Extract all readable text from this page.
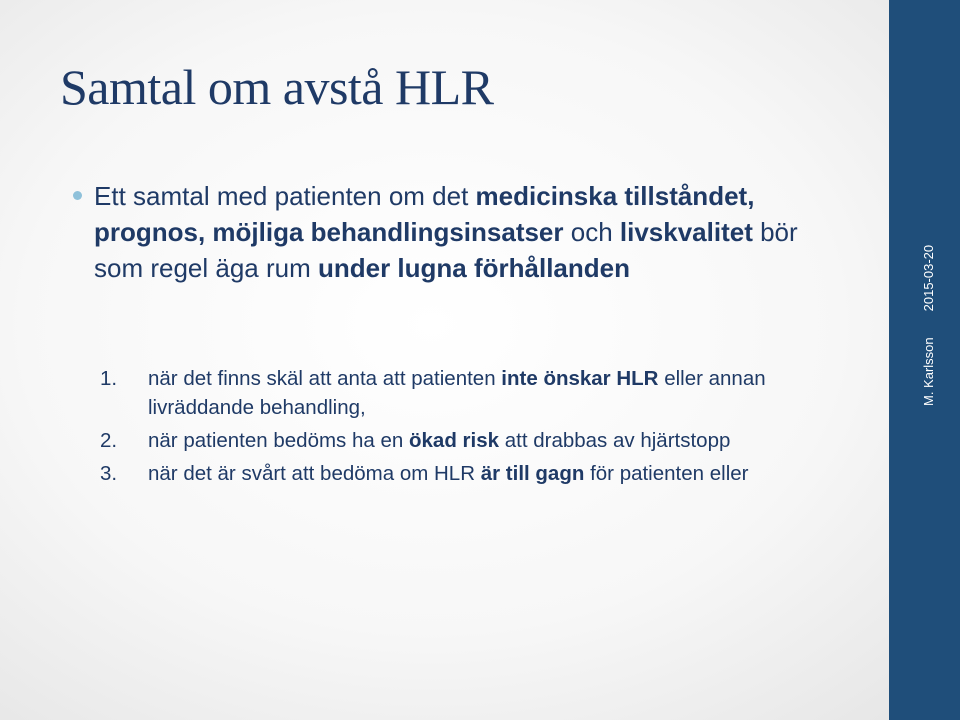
Samtal om avstå HLR
Ett samtal med patienten om det medicinska tillståndet, prognos, möjliga behandlingsinsatser och livskvalitet bör som regel äga rum under lugna förhållanden
1. när det finns skäl att anta att patienten inte önskar HLR eller annan livräddande behandling,
2. när patienten bedöms ha en ökad risk att drabbas av hjärtstopp
3. när det är svårt att bedöma om HLR är till gagn för patienten eller
M. Karlsson2015-03-20
